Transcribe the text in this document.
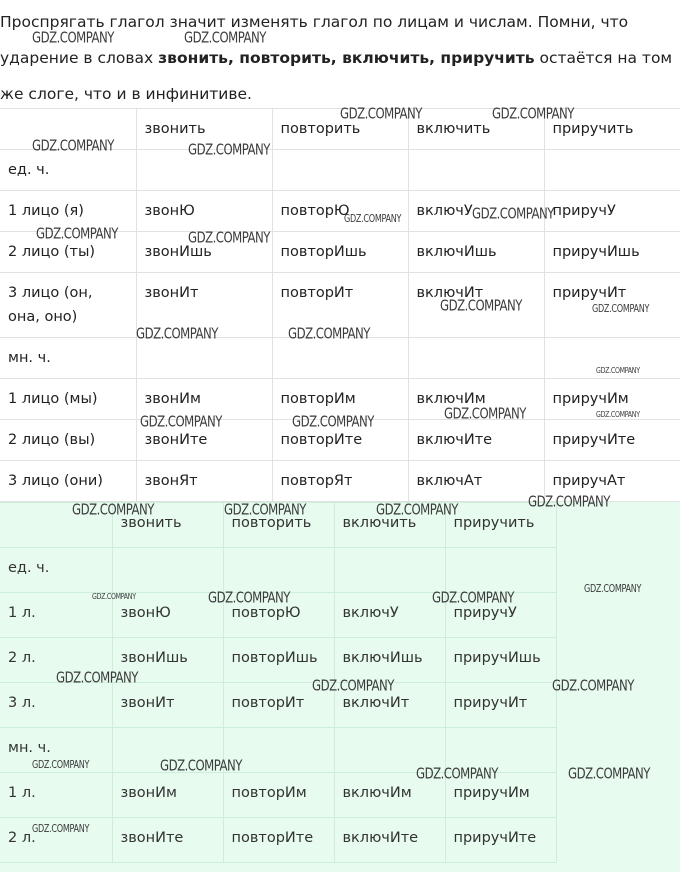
Проспрягать глагол значит изменять глагол по лицам и числам. Помни, что
ударение в словах звонить, повторить, включить, приручить остаётся на том
же слоге, что и в инфинитиве.
	звонить	повторить	включить	приручить
ед. ч.				
1 лицо (я)	звонЮ	повторЮ	включУ	приручУ
2 лицо (ты)	звонИшь	повторИшь	включИшь	приручИшь
3 лицо (он, она, оно)	звонИт	повторИт	включИт	приручИт
мн. ч.				
1 лицо (мы)	звонИм	повторИм	включИм	приручИм
2 лицо (вы)	звонИте	повторИте	включИте	приручИте
3 лицо (они)	звонЯт	повторЯт	включАт	приручАт
	звонить	повторить	включить	приручить
ед. ч.				
1 л.	звонЮ	повторЮ	включУ	приручУ
2 л.	звонИшь	повторИшь	включИшь	приручИшь
3 л.	звонИт	повторИт	включИт	приручИт
мн. ч.				
1 л.	звонИм	повторИм	включИм	приручИм
2 л.	звонИте	повторИте	включИте	приручИте
GDZ.COMPANY	GDZ.COMPANY
GDZ.COMPANY	GDZ.COMPANY
GDZ.COMPANY	GDZ.COMPANY
GDZ.COMPANY	GDZ.COMPANY
GDZ.COMPANY	GDZ.COMPANY
GDZ.COMPANY	GDZ.COMPANY
GDZ.COMPANY	GDZ.COMPANY
GDZ.COMPANY
GDZ.COMPANY	GDZ.COMPANY
GDZ.COMPANY	GDZ.COMPANY
GDZ.COMPANY	GDZ.COMPANY	GDZ.COMPANY	GDZ.COMPANY
GDZ.COMPANY
GDZ.COMPANY	GDZ.COMPANY	GDZ.COMPANY
GDZ.COMPANY	GDZ.COMPANY	GDZ.COMPANY
GDZ.COMPANY	GDZ.COMPANY	GDZ.COMPANY	GDZ.COMPANY
GDZ.COMPANY
